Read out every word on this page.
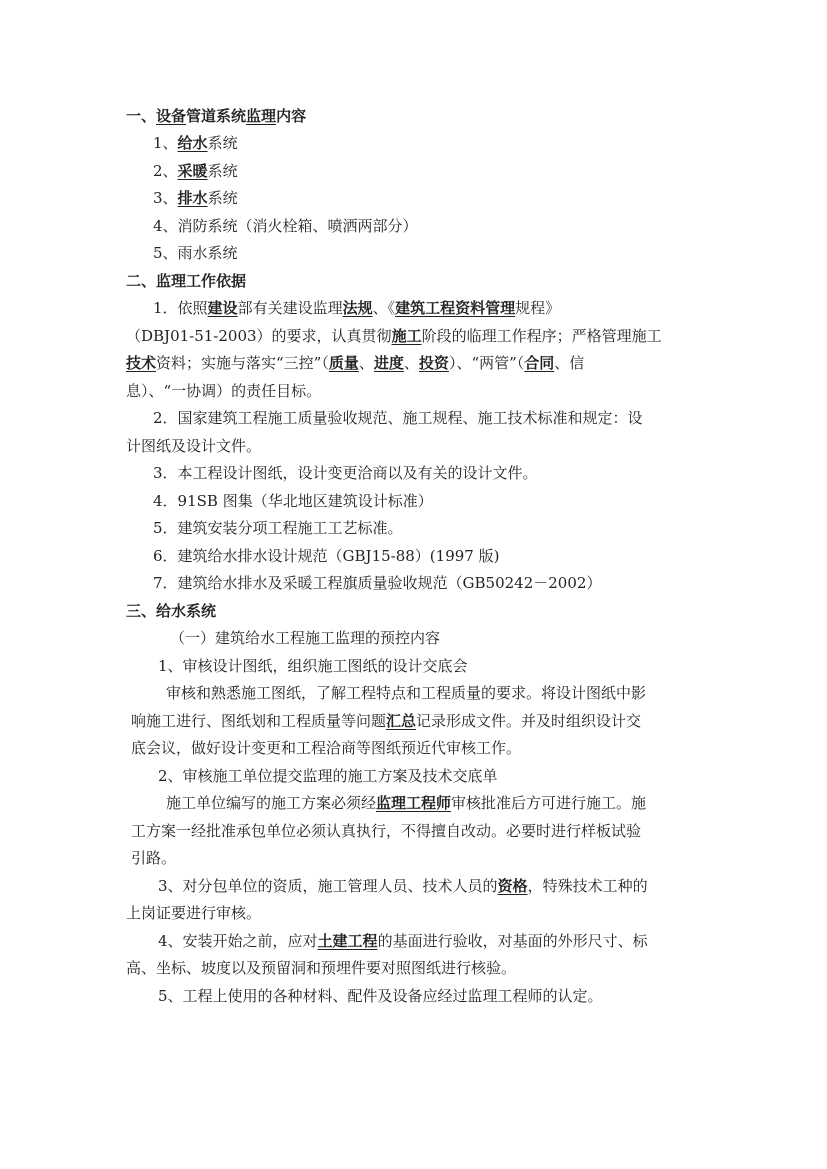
一、设备管道系统监理内容
1、给水系统
2、采暖系统
3、排水系统
4、消防系统（消火栓箱、喷洒两部分）
5、雨水系统
二、监理工作依据
1．依照建设部有关建设监理法规、《建筑工程资料管理规程》
（DBJ01-51-2003）的要求，认真贯彻施工阶段的临理工作程序；严格管理施工
技术资料；实施与落实“三控”（质量、进度、投资）、“两管”（合同、信
息）、“一协调）的责任目标。
2．国家建筑工程施工质量验收规范、施工规程、施工技术标准和规定：设
计图纸及设计文件。
3．本工程设计图纸，设计变更洽商以及有关的设计文件。
4．91SB 图集（华北地区建筑设计标准）
5．建筑安装分项工程施工工艺标准。
6．建筑给水排水设计规范（GBJ15-88）(1997 版)
7．建筑给水排水及采暖工程旗质量验收规范（GB50242－2002）
三、给水系统
（一）建筑给水工程施工监理的预控内容
1、审核设计图纸，组织施工图纸的设计交底会
审核和熟悉施工图纸，了解工程特点和工程质量的要求。将设计图纸中影
响施工进行、图纸划和工程质量等问题汇总记录形成文件。并及时组织设计交
底会议，做好设计变更和工程洽商等图纸预近代审核工作。
2、审核施工单位提交监理的施工方案及技术交底单
施工单位编写的施工方案必须经监理工程师审核批准后方可进行施工。施
工方案一经批准承包单位必须认真执行，不得擅自改动。必要时进行样板试验
引路。
3、对分包单位的资质，施工管理人员、技术人员的资格，特殊技术工种的
上岗证要进行审核。
4、安装开始之前，应对土建工程的基面进行验收，对基面的外形尺寸、标
高、坐标、坡度以及预留洞和预埋件要对照图纸进行核验。
5、工程上使用的各种材料、配件及设备应经过监理工程师的认定。
